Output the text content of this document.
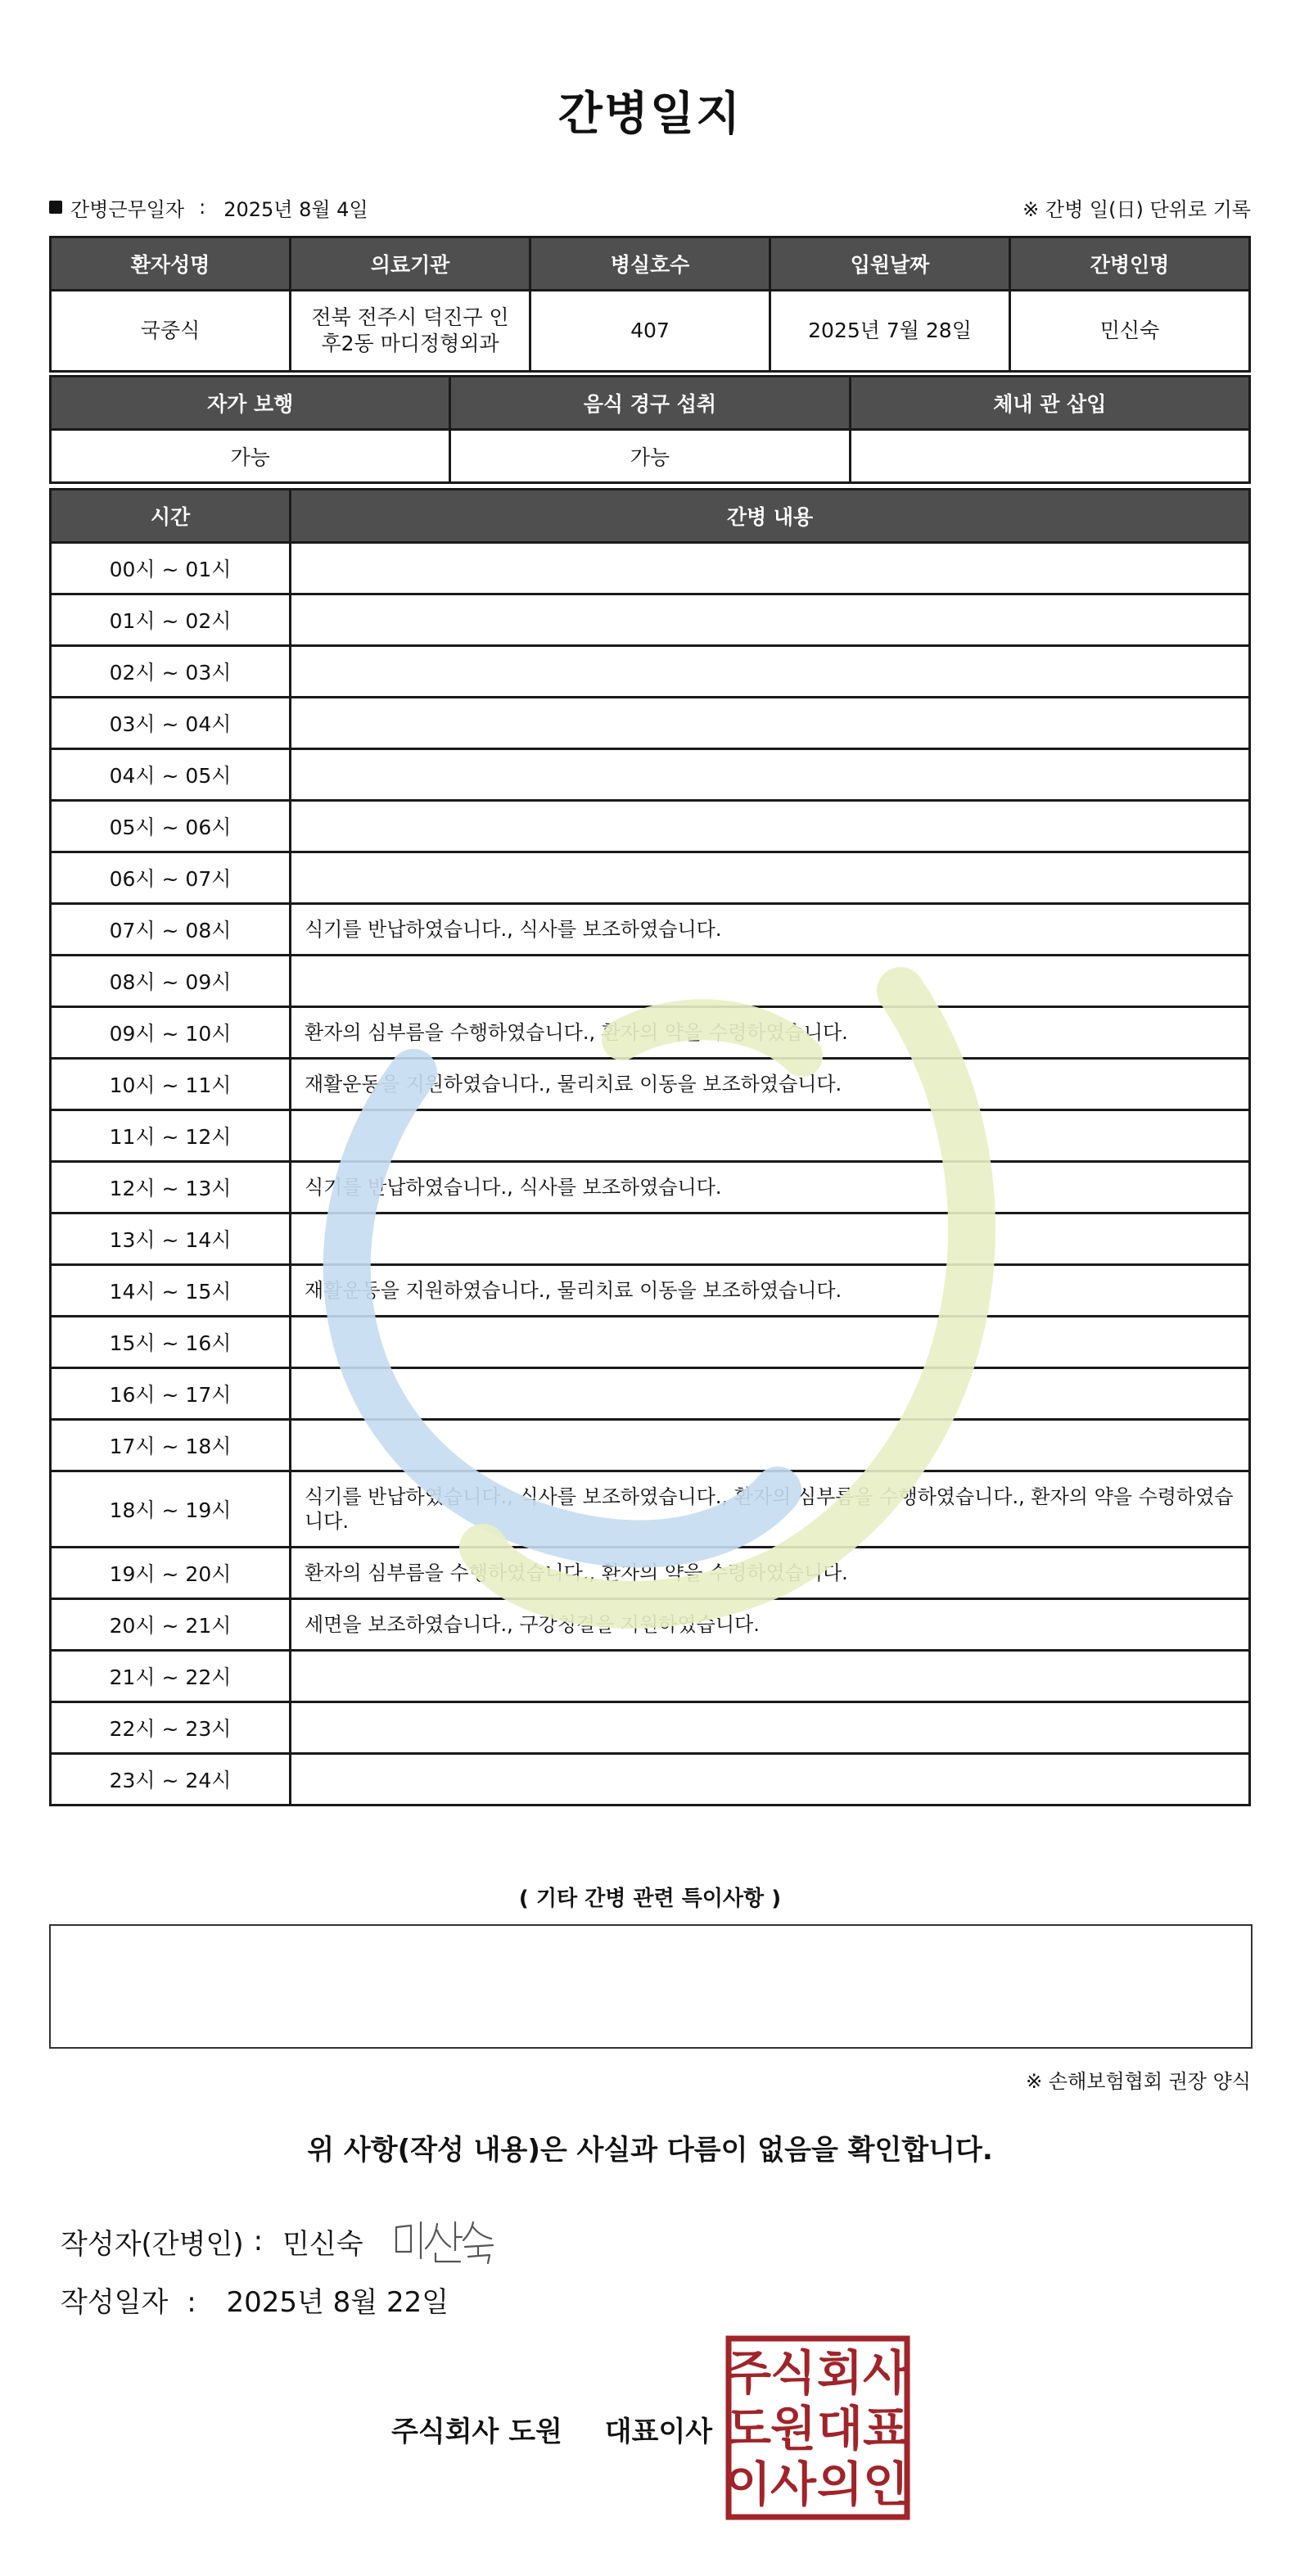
간병일지
간병근무일자 : 2025년 8월 4일	※ 간병 일(日) 단위로 기록
환자성명	의료기관	병실호수	입원날짜	간병인명
국중식	전북 전주시 덕진구 인후2동 마디정형외과	407	2025년 7월 28일	민신숙
자가 보행	음식 경구 섭취	체내 관 삽입
가능	가능	
시간	간병 내용
00시 ~ 01시	
01시 ~ 02시	
02시 ~ 03시	
03시 ~ 04시	
04시 ~ 05시	
05시 ~ 06시	
06시 ~ 07시	
07시 ~ 08시	식기를 반납하였습니다., 식사를 보조하였습니다.
08시 ~ 09시	
09시 ~ 10시	환자의 심부름을 수행하였습니다., 환자의 약을 수령하였습니다.
10시 ~ 11시	재활운동을 지원하였습니다., 물리치료 이동을 보조하였습니다.
11시 ~ 12시	
12시 ~ 13시	식기를 반납하였습니다., 식사를 보조하였습니다.
13시 ~ 14시	
14시 ~ 15시	재활운동을 지원하였습니다., 물리치료 이동을 보조하였습니다.
15시 ~ 16시	
16시 ~ 17시	
17시 ~ 18시	
18시 ~ 19시	식기를 반납하였습니다., 식사를 보조하였습니다., 환자의 심부름을 수행하였습니다., 환자의 약을 수령하였습니다.
19시 ~ 20시	환자의 심부름을 수행하였습니다., 환자의 약을 수령하였습니다.
20시 ~ 21시	세면을 보조하였습니다., 구강청결을 지원하였습니다.
21시 ~ 22시	
22시 ~ 23시	
23시 ~ 24시	
( 기타 간병 관련 특이사항 )
※ 손해보험협회 권장 양식
위 사항(작성 내용)은 사실과 다름이 없음을 확인합니다.
작성자(간병인) : 민신숙
작성일자 : 2025년 8월 22일
주식회사 도원 대표이사
주
도
이
식
원
사
회
대
의
사
표
인
